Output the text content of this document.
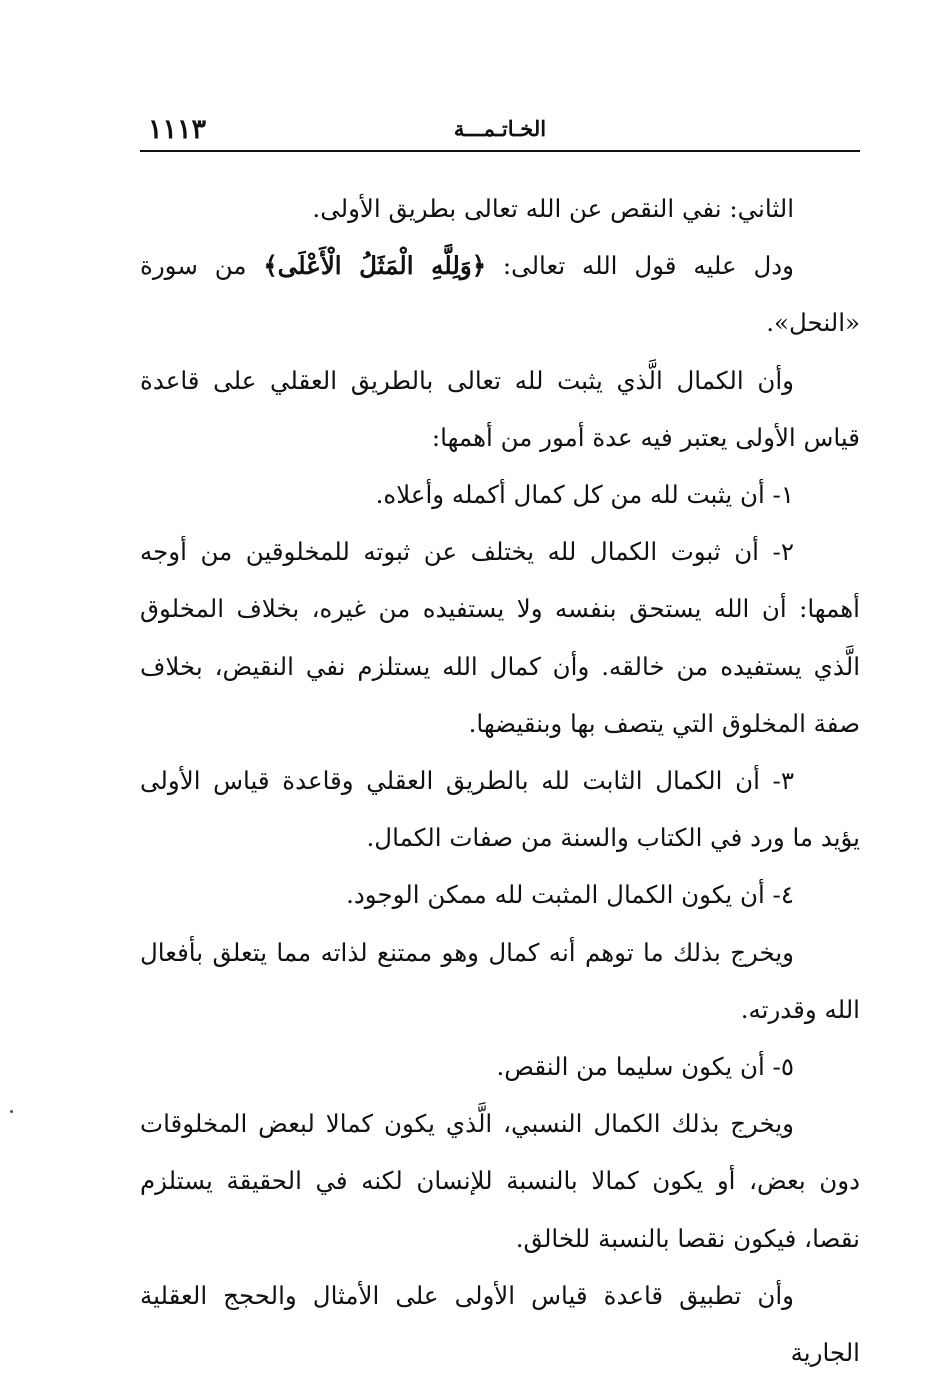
١١١٣	الخـاتـمـــة

الثاني: نفي النقص عن الله تعالى بطريق الأولى.

ودل عليه قول الله تعالى: ﴿وَلِلَّهِ الْمَثَلُ الْأَعْلَى﴾ من سورة «النحل».

وأن الكمال الَّذي يثبت لله تعالى بالطريق العقلي على قاعدة قياس الأولى يعتبر فيه عدة أمور من أهمها:

١- أن يثبت لله من كل كمال أكمله وأعلاه.

٢- أن ثبوت الكمال لله يختلف عن ثبوته للمخلوقين من أوجه أهمها: أن الله يستحق بنفسه ولا يستفيده من غيره، بخلاف المخلوق الَّذي يستفيده من خالقه. وأن كمال الله يستلزم نفي النقيض، بخلاف صفة المخلوق التي يتصف بها وبنقيضها.

٣- أن الكمال الثابت لله بالطريق العقلي وقاعدة قياس الأولى يؤيد ما ورد في الكتاب والسنة من صفات الكمال.

٤- أن يكون الكمال المثبت لله ممكن الوجود.

ويخرج بذلك ما توهم أنه كمال وهو ممتنع لذاته مما يتعلق بأفعال الله وقدرته.

٥- أن يكون سليما من النقص.

ويخرج بذلك الكمال النسبي، الَّذي يكون كمالا لبعض المخلوقات دون بعض، أو يكون كمالا بالنسبة للإنسان لكنه في الحقيقة يستلزم نقصا، فيكون نقصا بالنسبة للخالق.

وأن تطبيق قاعدة قياس الأولى على الأمثال والحجج العقلية الجارية
